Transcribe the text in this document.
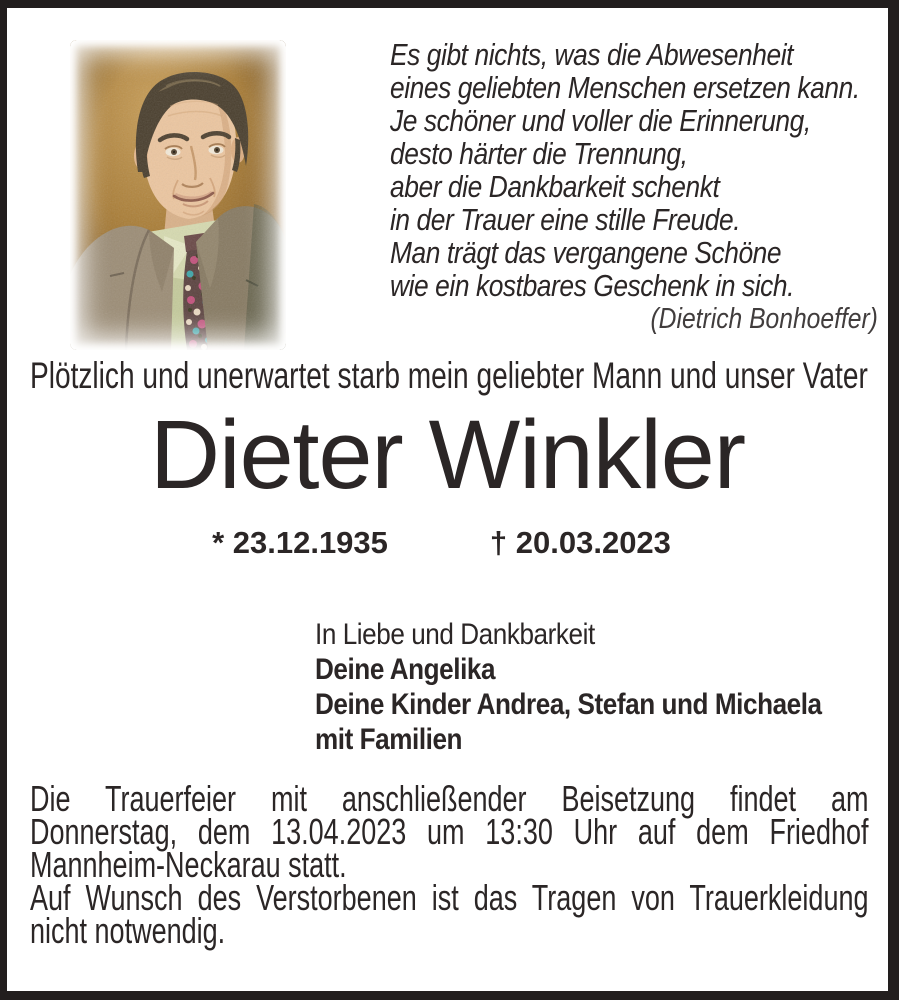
Es gibt nichts, was die Abwesenheit
eines geliebten Menschen ersetzen kann.
Je schöner und voller die Erinnerung,
desto härter die Trennung,
aber die Dankbarkeit schenkt
in der Trauer eine stille Freude.
Man trägt das vergangene Schöne
wie ein kostbares Geschenk in sich.
(Dietrich Bonhoeffer)
Plötzlich und unerwartet starb mein geliebter Mann und unser Vater
Dieter Winkler
* 23.12.1935	† 20.03.2023
In Liebe und Dankbarkeit
Deine Angelika
Deine Kinder Andrea, Stefan und Michaela
mit Familien
Die Trauerfeier mit anschließender Beisetzung findet am
Donnerstag, dem 13.04.2023 um 13:30 Uhr auf dem Friedhof
Mannheim-Neckarau statt.
Auf Wunsch des Verstorbenen ist das Tragen von Trauerkleidung
nicht notwendig.
